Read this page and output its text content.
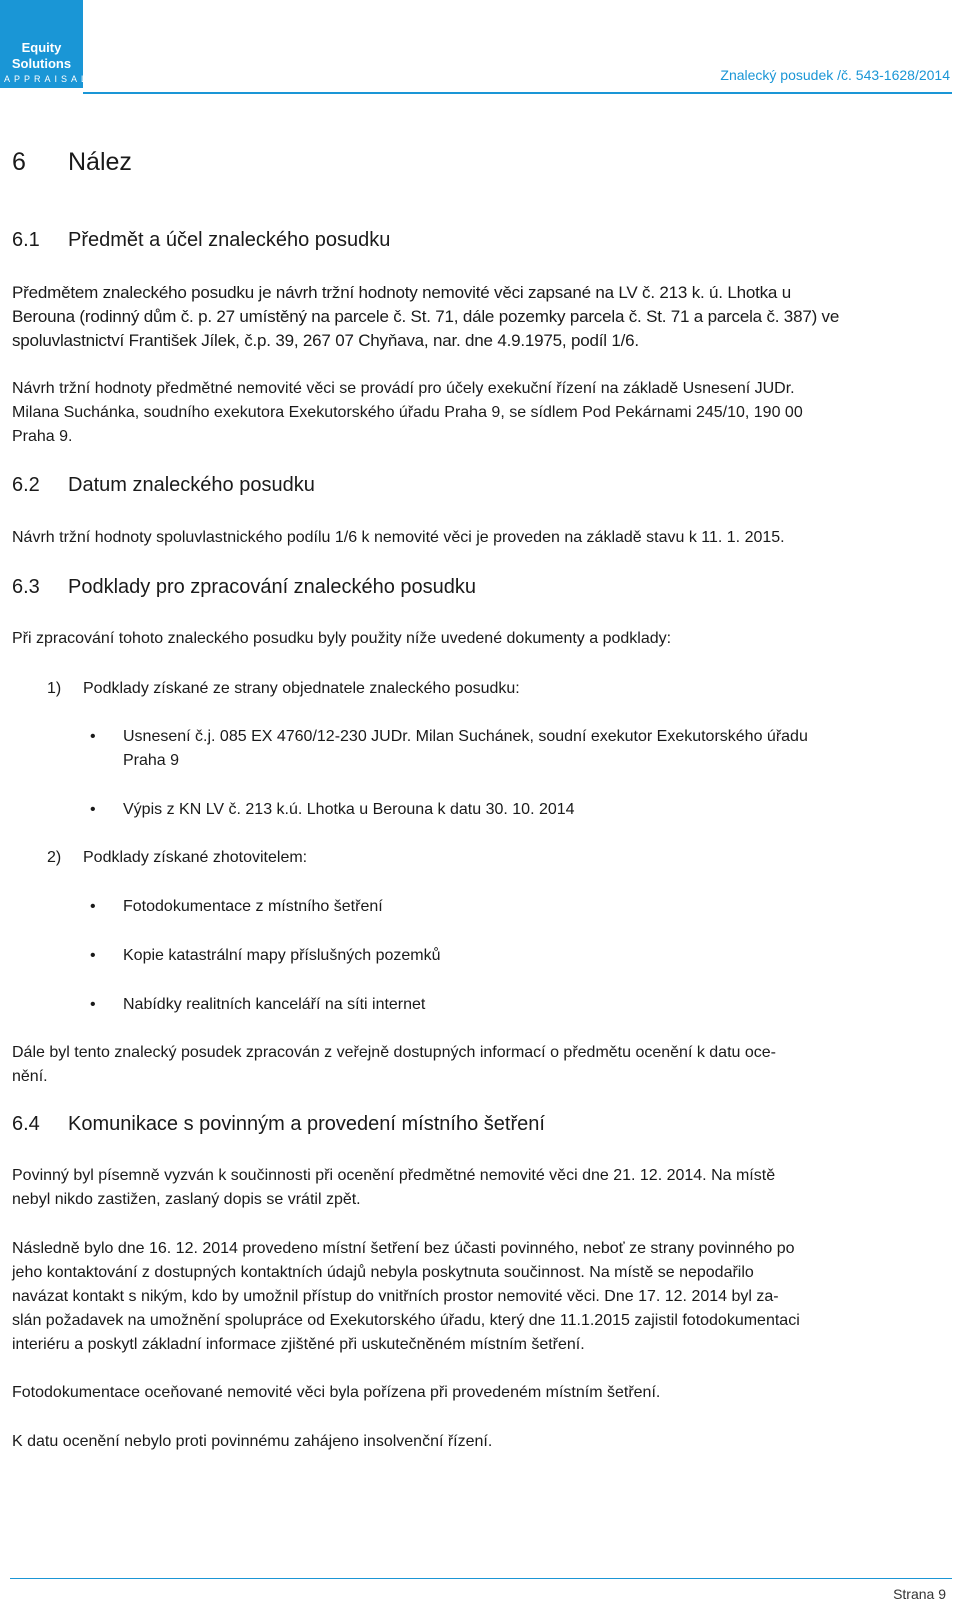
Equity
Solutions
APPRAISALS	Znalecký posudek /č. 543-1628/2014
6 Nález
6.1 Předmět a účel znaleckého posudku

Předmětem znaleckého posudku je návrh tržní hodnoty nemovité věci zapsané na LV č. 213 k. ú. Lhotka u

Berouna (rodinný dům č. p. 27 umístěný na parcele č. St. 71, dále pozemky parcela č. St. 71 a parcela č. 387) ve

spoluvlastnictví František Jílek, č.p. 39, 267 07 Chyňava, nar. dne 4.9.1975, podíl 1/6.

Návrh tržní hodnoty předmětné nemovité věci se provádí pro účely exekuční řízení na základě Usnesení JUDr.

Milana Suchánka, soudního exekutora Exekutorského úřadu Praha 9, se sídlem Pod Pekárnami 245/10, 190 00

Praha 9.

6.2 Datum znaleckého posudku

Návrh tržní hodnoty spoluvlastnického podílu 1/6 k nemovité věci je proveden na základě stavu k 11. 1. 2015.

6.3 Podklady pro zpracování znaleckého posudku

Při zpracování tohoto znaleckého posudku byly použity níže uvedené dokumenty a podklady:

1) Podklady získané ze strany objednatele znaleckého posudku:
• Usnesení č.j. 085 EX 4760/12-230 JUDr. Milan Suchánek, soudní exekutor Exekutorského úřadu
Praha 9
• Výpis z KN LV č. 213 k.ú. Lhotka u Berouna k datu 30. 10. 2014
2) Podklady získané zhotovitelem:
• Fotodokumentace z místního šetření
• Kopie katastrální mapy příslušných pozemků
• Nabídky realitních kanceláří na síti internet

Dále byl tento znalecký posudek zpracován z veřejně dostupných informací o předmětu ocenění k datu oce-

nění.

6.4 Komunikace s povinným a provedení místního šetření

Povinný byl písemně vyzván k součinnosti při ocenění předmětné nemovité věci dne 21. 12. 2014. Na místě

nebyl nikdo zastižen, zaslaný dopis se vrátil zpět.

Následně bylo dne 16. 12. 2014 provedeno místní šetření bez účasti povinného, neboť ze strany povinného po

jeho kontaktování z dostupných kontaktních údajů nebyla poskytnuta součinnost. Na místě se nepodařilo

navázat kontakt s nikým, kdo by umožnil přístup do vnitřních prostor nemovité věci. Dne 17. 12. 2014 byl za-

slán požadavek na umožnění spolupráce od Exekutorského úřadu, který dne 11.1.2015 zajistil fotodokumentaci

interiéru a poskytl základní informace zjištěné při uskutečněném místním šetření.

Fotodokumentace oceňované nemovité věci byla pořízena při provedeném místním šetření.

K datu ocenění nebylo proti povinnému zahájeno insolvenční řízení.

Strana 9
